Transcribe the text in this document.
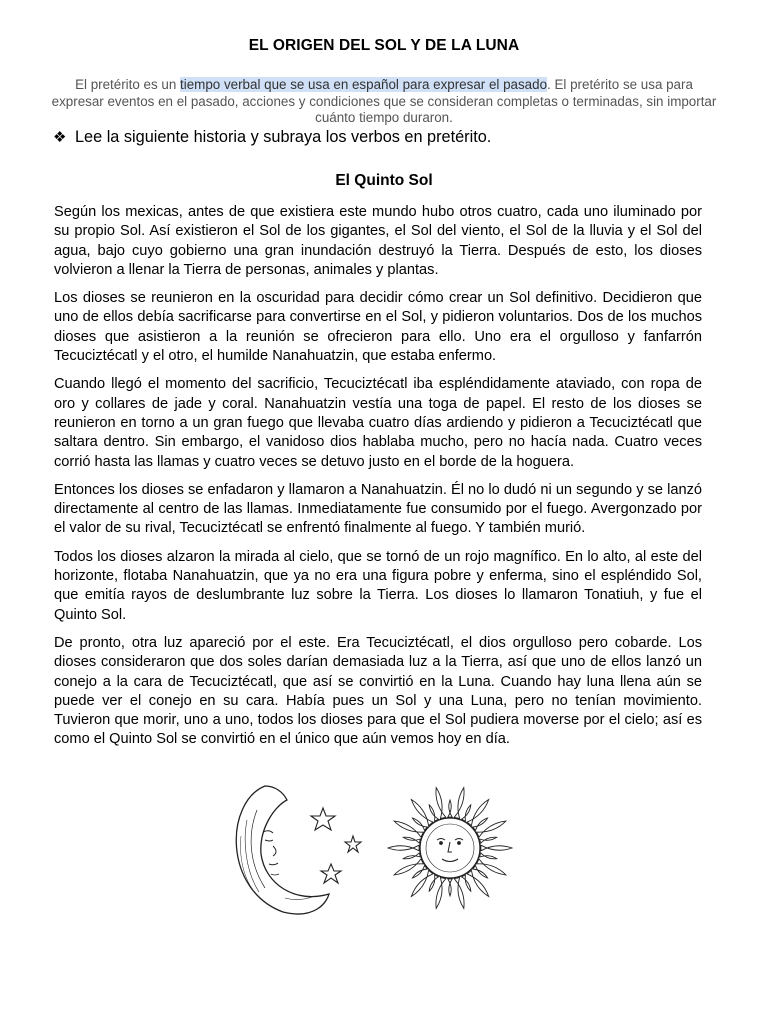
EL ORIGEN DEL SOL Y DE LA LUNA
El pretérito es un tiempo verbal que se usa en español para expresar el pasado. El pretérito se usa para expresar eventos en el pasado, acciones y condiciones que se consideran completas o terminadas, sin importar cuánto tiempo duraron.
❖ Lee la siguiente historia y subraya los verbos en pretérito.
El Quinto Sol

Según los mexicas, antes de que existiera este mundo hubo otros cuatro, cada uno iluminado por su propio Sol. Así existieron el Sol de los gigantes, el Sol del viento, el Sol de la lluvia y el Sol del agua, bajo cuyo gobierno una gran inundación destruyó la Tierra. Después de esto, los dioses volvieron a llenar la Tierra de personas, animales y plantas.

Los dioses se reunieron en la oscuridad para decidir cómo crear un Sol definitivo. Decidieron que uno de ellos debía sacrificarse para convertirse en el Sol, y pidieron voluntarios. Dos de los muchos dioses que asistieron a la reunión se ofrecieron para ello. Uno era el orgulloso y fanfarrón Tecuciztécatl y el otro, el humilde Nanahuatzin, que estaba enfermo.

Cuando llegó el momento del sacrificio, Tecuciztécatl iba espléndidamente ataviado, con ropa de oro y collares de jade y coral. Nanahuatzin vestía una toga de papel. El resto de los dioses se reunieron en torno a un gran fuego que llevaba cuatro días ardiendo y pidieron a Tecuciztécatl que saltara dentro. Sin embargo, el vanidoso dios hablaba mucho, pero no hacía nada. Cuatro veces corrió hasta las llamas y cuatro veces se detuvo justo en el borde de la hoguera.

Entonces los dioses se enfadaron y llamaron a Nanahuatzin. Él no lo dudó ni un segundo y se lanzó directamente al centro de las llamas. Inmediatamente fue consumido por el fuego. Avergonzado por el valor de su rival, Tecuciztécatl se enfrentó finalmente al fuego. Y también murió.

Todos los dioses alzaron la mirada al cielo, que se tornó de un rojo magnífico. En lo alto, al este del horizonte, flotaba Nanahuatzin, que ya no era una figura pobre y enferma, sino el espléndido Sol, que emitía rayos de deslumbrante luz sobre la Tierra. Los dioses lo llamaron Tonatiuh, y fue el Quinto Sol.

De pronto, otra luz apareció por el este. Era Tecuciztécatl, el dios orgulloso pero cobarde. Los dioses consideraron que dos soles darían demasiada luz a la Tierra, así que uno de ellos lanzó un conejo a la cara de Tecuciztécatl, que así se convirtió en la Luna. Cuando hay luna llena aún se puede ver el conejo en su cara. Había pues un Sol y una Luna, pero no tenían movimiento. Tuvieron que morir, uno a uno, todos los dioses para que el Sol pudiera moverse por el cielo; así es como el Quinto Sol se convirtió en el único que aún vemos hoy en día.
